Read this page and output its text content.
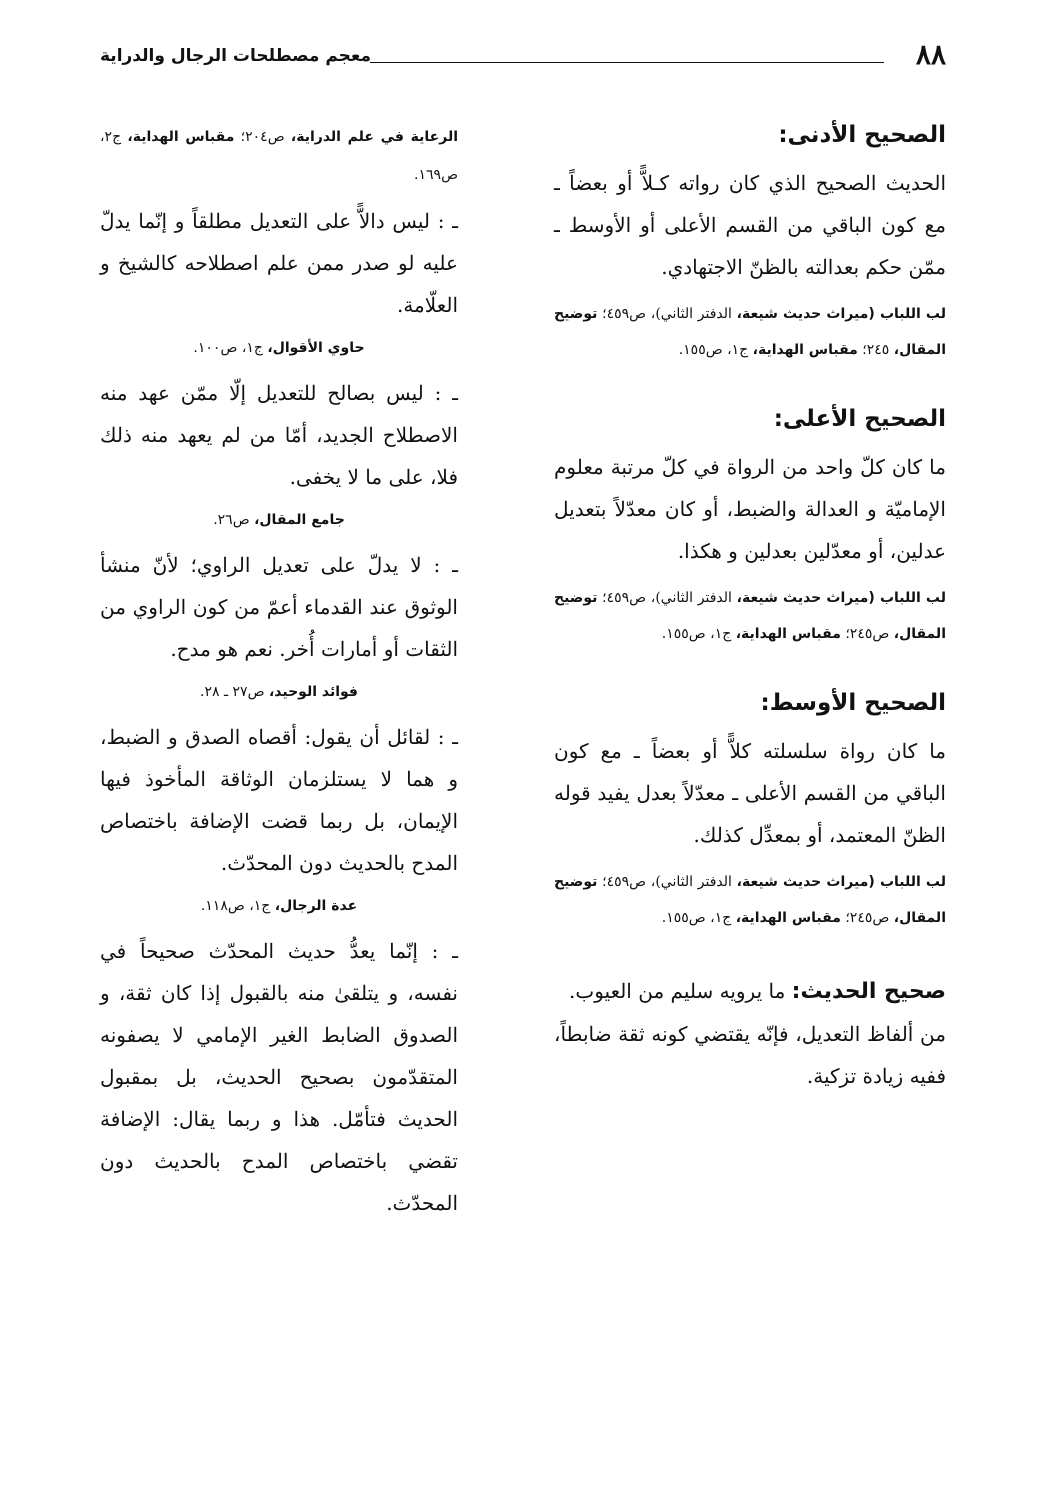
٨٨
معجم مصطلحات الرجال والدراية
الصحيح الأدنى:

الحديث الصحيح الذي كان رواته كـلاًّ أو بعضاً ـ مع كون الباقي من القسم الأعلى أو الأوسط ـ ممّن حكم بعدالته بالظنّ الاجتهادي.

لب اللباب (ميراث حديث شيعة، الدفتر الثاني)، ص٤٥٩؛ توضيح المقال، ٢٤٥؛ مقباس الهداية، ج١، ص١٥٥.

الصحيح الأعلى:

ما كان كلّ واحد من الرواة في كلّ مرتبة معلوم الإماميّة و العدالة والضبط، أو كان معدّلاً بتعديل عدلين، أو معدّلين بعدلين و هكذا.

لب اللباب (ميراث حديث شيعة، الدفتر الثاني)، ص٤٥٩؛ توضيح المقال، ص٢٤٥؛ مقباس الهداية، ج١، ص١٥٥.

الصحيح الأوسط:

ما كان رواة سلسلته كلاًّ أو بعضاً ـ مع كون الباقي من القسم الأعلى ـ معدّلاً بعدل يفيد قوله الظنّ المعتمد، أو بمعدِّل كذلك.

لب اللباب (ميراث حديث شيعة، الدفتر الثاني)، ص٤٥٩؛ توضيح المقال، ص٢٤٥؛ مقباس الهداية، ج١، ص١٥٥.

صحيح الحديث: ما يرويه سليم من العيوب.

من ألفاظ التعديل، فإنّه يقتضي كونه ثقة ضابطاً، ففيه زيادة تزكية.

الرعاية في علم الدراية، ص٢٠٤؛ مقباس الهداية، ج٢، ص١٦٩.

ـ : ليس دالاًّ على التعديل مطلقاً و إنّما يدلّ عليه لو صدر ممن علم اصطلاحه كالشيخ و العلّامة.

حاوي الأقوال، ج١، ص١٠٠.

ـ : ليس بصالح للتعديل إلّا ممّن عهد منه الاصطلاح الجديد، أمّا من لم يعهد منه ذلك فلا، على ما لا يخفى.

جامع المقال، ص٢٦.

ـ : لا يدلّ على تعديل الراوي؛ لأنّ منشأ الوثوق عند القدماء أعمّ من كون الراوي من الثقات أو أمارات أُخر. نعم هو مدح.

فوائد الوحيد، ص٢٧ ـ ٢٨.

ـ : لقائل أن يقول: أقصاه الصدق و الضبط، و هما لا يستلزمان الوثاقة المأخوذ فيها الإيمان، بل ربما قضت الإضافة باختصاص المدح بالحديث دون المحدّث.

عدة الرجال، ج١، ص١١٨.

ـ : إنّما يعدُّ حديث المحدّث صحيحاً في نفسه، و يتلقىٰ منه بالقبول إذا كان ثقة، و الصدوق الضابط الغير الإمامي لا يصفونه المتقدّمون بصحيح الحديث، بل بمقبول الحديث فتأمّل. هذا و ربما يقال: الإضافة تقضي باختصاص المدح بالحديث دون المحدّث.
